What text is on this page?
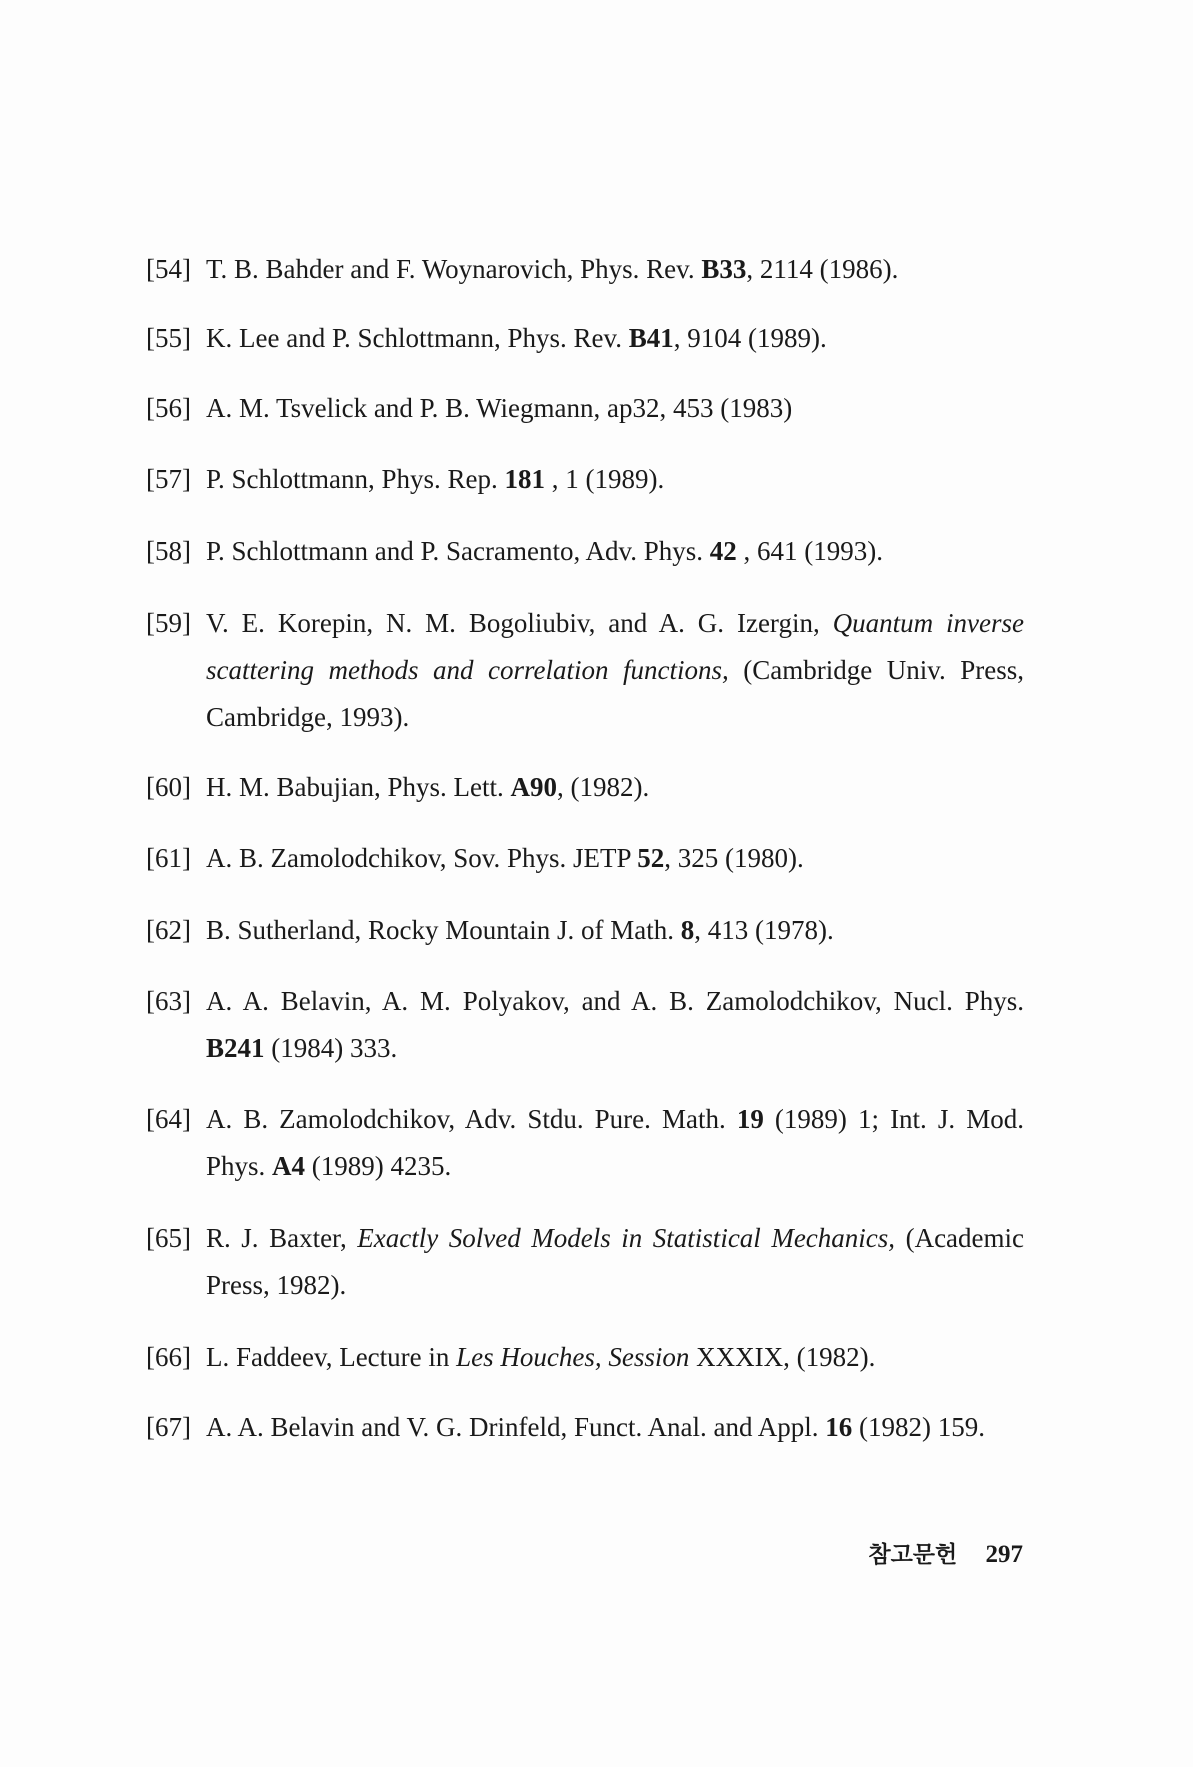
[54] T. B. Bahder and F. Woynarovich, Phys. Rev. B33, 2114 (1986).
[55] K. Lee and P. Schlottmann, Phys. Rev. B41, 9104 (1989).
[56] A. M. Tsvelick and P. B. Wiegmann, ap32, 453 (1983)
[57] P. Schlottmann, Phys. Rep. 181 , 1 (1989).
[58] P. Schlottmann and P. Sacramento, Adv. Phys. 42 , 641 (1993).
[59] V. E. Korepin, N. M. Bogoliubiv, and A. G. Izergin, Quantum inverse scattering methods and correlation functions, (Cambridge Univ. Press, Cambridge, 1993).
[60] H. M. Babujian, Phys. Lett. A90, (1982).
[61] A. B. Zamolodchikov, Sov. Phys. JETP 52, 325 (1980).
[62] B. Sutherland, Rocky Mountain J. of Math. 8, 413 (1978).
[63] A. A. Belavin, A. M. Polyakov, and A. B. Zamolodchikov, Nucl. Phys. B241 (1984) 333.
[64] A. B. Zamolodchikov, Adv. Stdu. Pure. Math. 19 (1989) 1; Int. J. Mod. Phys. A4 (1989) 4235.
[65] R. J. Baxter, Exactly Solved Models in Statistical Mechanics, (Academic Press, 1982).
[66] L. Faddeev, Lecture in Les Houches, Session XXXIX, (1982).
[67] A. A. Belavin and V. G. Drinfeld, Funct. Anal. and Appl. 16 (1982) 159.
참고문헌 297
